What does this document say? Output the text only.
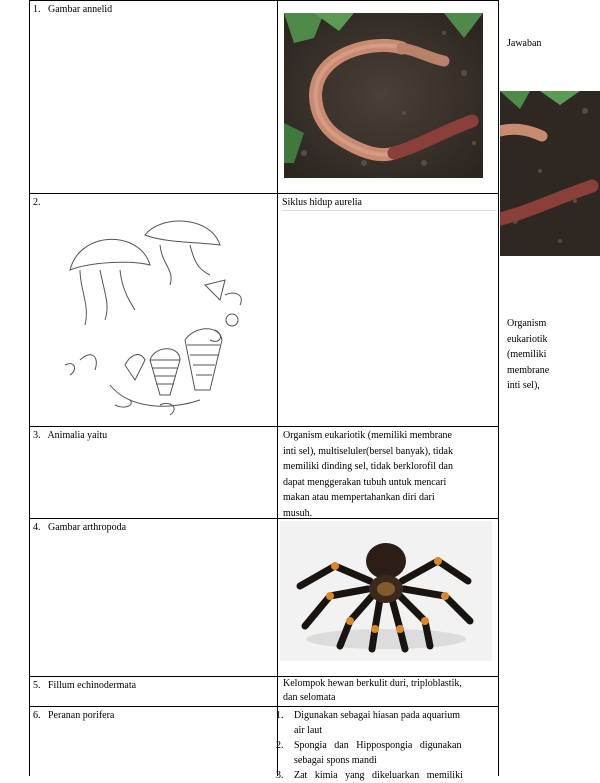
1. Gambar annelid
2.	Siklus hidup aurelia
3. Animalia yaitu	Organism eukariotik (memiliki membrane
inti sel), multiseluler(bersel banyak), tidak
memiliki dinding sel, tidak berklorofil dan
dapat menggerakan tubuh untuk mencari
makan atau mempertahankan diri dari
musuh.
4. Gambar arthropoda
5. Fillum echinodermata	Kelompok hewan berkulit duri, triploblastik,
dan selomata
6. Peranan porifera	1. Digunakan sebagai hiasan pada aquarium
air laut
2. Spongia dan Hippospongia digunakan
sebagai spons mandi
3. Zat kimia yang dikeluarkan memiliki
Jawaban
Organism
eukariotik
(memiliki
membrane
inti sel),
